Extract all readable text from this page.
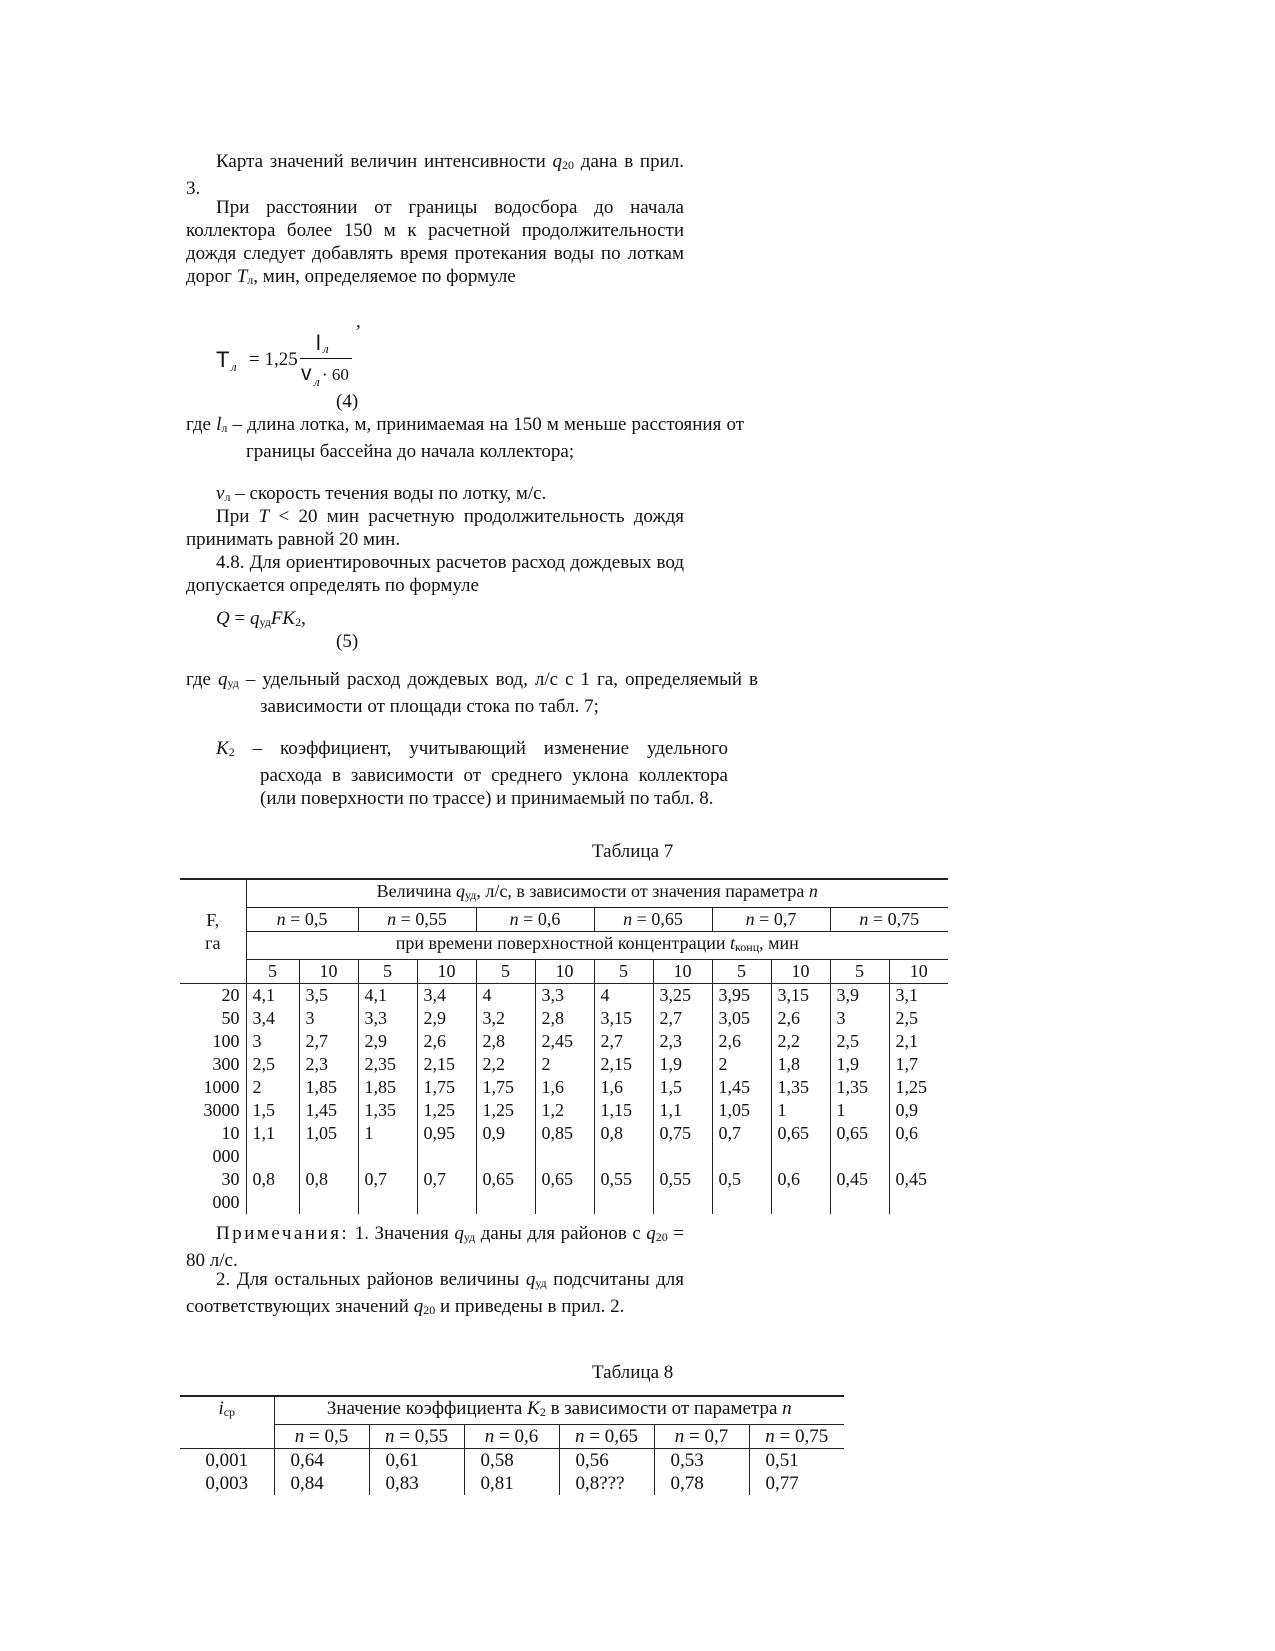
Карта значений величин интенсивности $q_{20}$ дана в прил. 3.
При расстоянии от границы водосбора до начала коллектора более 150 м к расчетной продолжительности дождя следует добавлять время протекания воды по лоткам дорог $T_л$, мин, определяемое по формуле
,
T л = 1,25
l л
v л · 60
(4)
где $l_л$ – длина лотка, м, принимаемая на 150 м меньше расстояния от границы бассейна до начала коллектора;
$v_л$ – скорость течения воды по лотку, м/с.
При T < 20 мин расчетную продолжительность дождя принимать равной 20 мин.
4.8. Для ориентировочных расчетов расход дождевых вод допускается определять по формуле
$Q = q_{уд}FK_2$,
(5)
где $q_{уд}$ – удельный расход дождевых вод, л/с с 1 га, определяемый в зависимости от площади стока по табл. 7;
$K_2$ – коэффициент, учитывающий изменение удельного расхода в зависимости от среднего уклона коллектора (или поверхности по трассе) и принимаемый по табл. 8.
Таблица 7
F,
га	Величина $q_{уд}$, л/с, в зависимости от значения параметра n											
	n = 0,5		n = 0,55		n = 0,6		n = 0,65		n = 0,7		n = 0,75	
	при времени поверхностной концентрации $t_{конц}$, мин											
	5	10	5	10	5	10	5	10	5	10	5	10
20	4,1	3,5	4,1	3,4	4	3,3	4	3,25	3,95	3,15	3,9	3,1
50	3,4	3	3,3	2,9	3,2	2,8	3,15	2,7	3,05	2,6	3	2,5
100	3	2,7	2,9	2,6	2,8	2,45	2,7	2,3	2,6	2,2	2,5	2,1
300	2,5	2,3	2,35	2,15	2,2	2	2,15	1,9	2	1,8	1,9	1,7
1000	2	1,85	1,85	1,75	1,75	1,6	1,6	1,5	1,45	1,35	1,35	1,25
3000	1,5	1,45	1,35	1,25	1,25	1,2	1,15	1,1	1,05	1	1	0,9
10 000	1,1	1,05	1	0,95	0,9	0,85	0,8	0,75	0,7	0,65	0,65	0,6
30 000	0,8	0,8	0,7	0,7	0,65	0,65	0,55	0,55	0,5	0,6	0,45	0,45
Примечания: 1. Значения $q_{уд}$ даны для районов с $q_{20} = 80$ л/с.
2. Для остальных районов величины $q_{уд}$ подсчитаны для соответствующих значений $q_{20}$ и приведены в прил. 2.
Таблица 8
$i_{ср}$	Значение коэффициента $K_2$ в зависимости от параметра n					
	n = 0,5	n = 0,55	n = 0,6	n = 0,65	n = 0,7	n = 0,75
0,001	0,64	0,61	0,58	0,56	0,53	0,51
0,003	0,84	0,83	0,81	0,8???	0,78	0,77
